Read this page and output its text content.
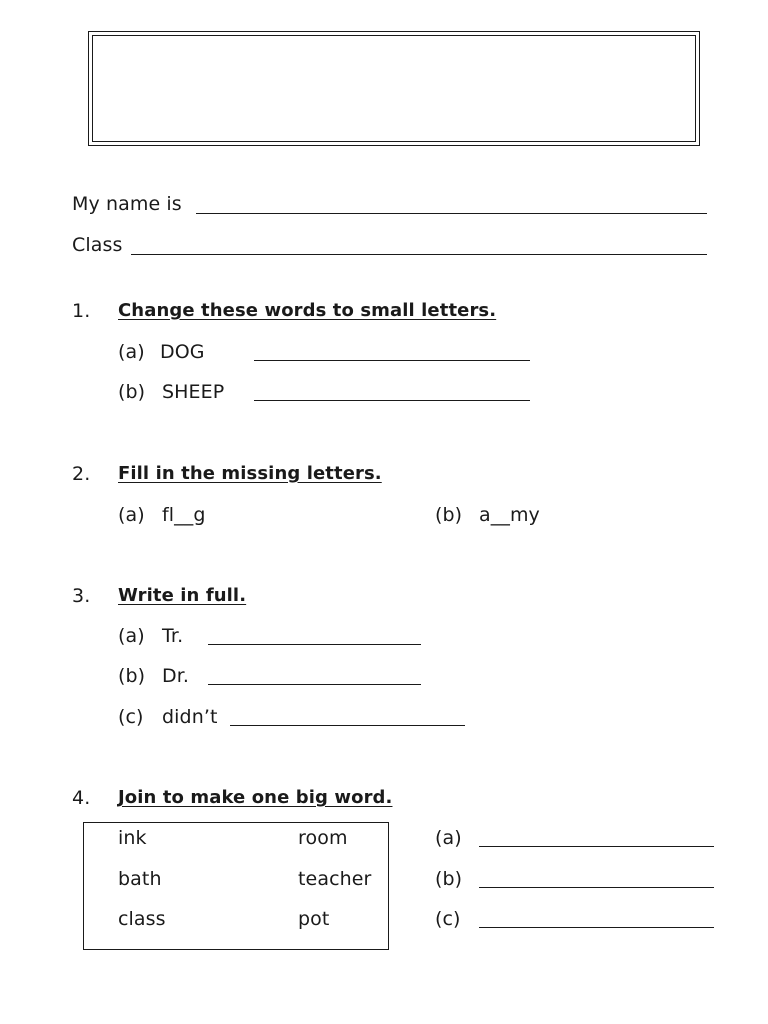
My name is
Class
1. Change these words to small letters.
(a) DOG
(b) SHEEP
2. Fill in the missing letters.
(a) fl__g	(b) a__my
3. Write in full.
(a) Tr.
(b) Dr.
(c) didn’t
4. Join to make one big word.
ink	room	(a)
bath	teacher	(b)
class	pot	(c)
